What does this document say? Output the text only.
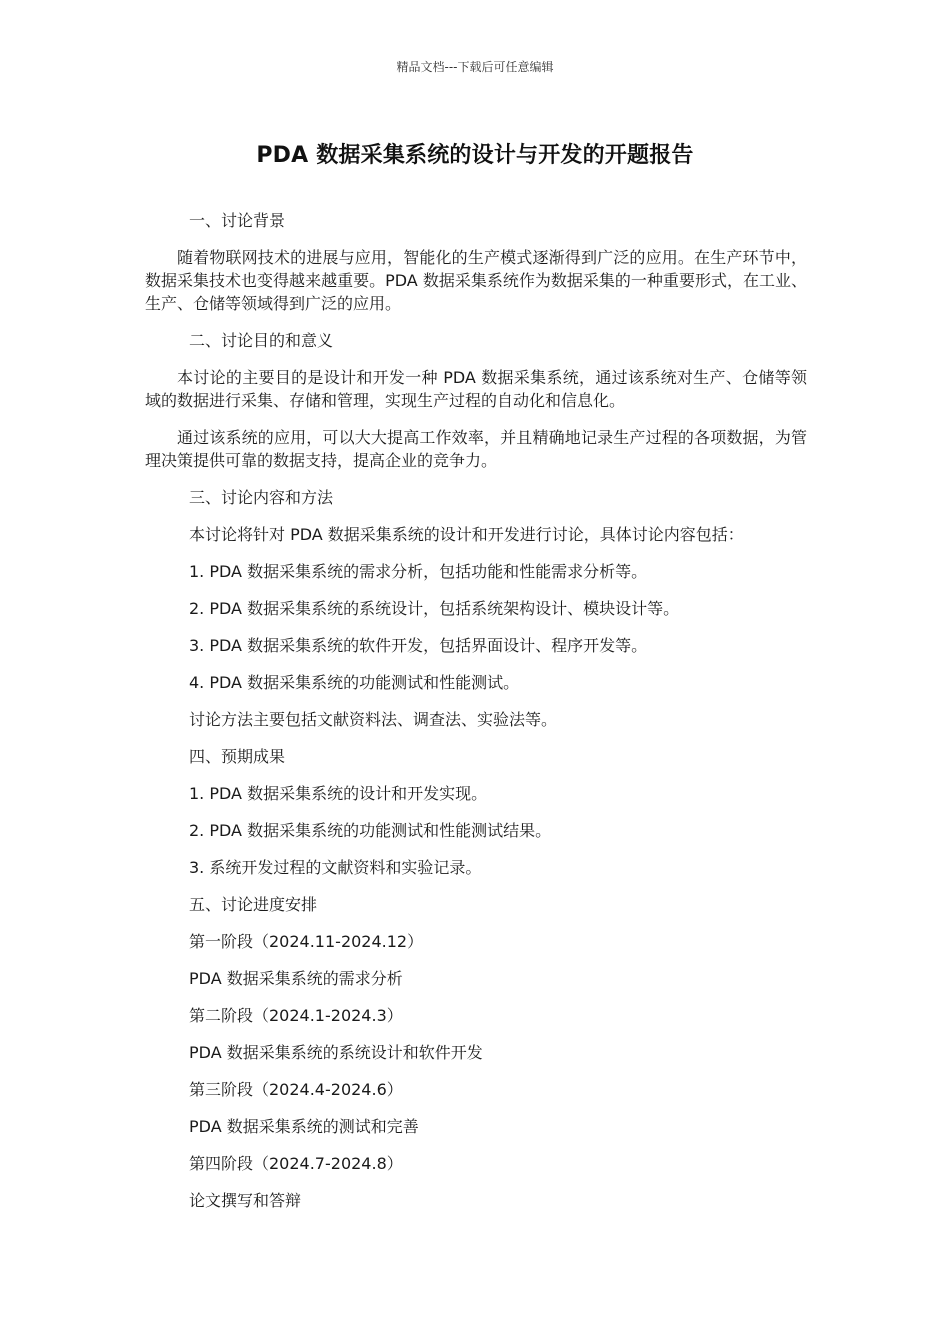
精品文档---下载后可任意编辑
PDA 数据采集系统的设计与开发的开题报告

一、讨论背景

随着物联网技术的进展与应用，智能化的生产模式逐渐得到广泛的应用。在生产环节中，数据采集技术也变得越来越重要。PDA 数据采集系统作为数据采集的一种重要形式，在工业、生产、仓储等领域得到广泛的应用。

二、讨论目的和意义

本讨论的主要目的是设计和开发一种 PDA 数据采集系统，通过该系统对生产、仓储等领域的数据进行采集、存储和管理，实现生产过程的自动化和信息化。

通过该系统的应用，可以大大提高工作效率，并且精确地记录生产过程的各项数据，为管理决策提供可靠的数据支持，提高企业的竞争力。

三、讨论内容和方法

本讨论将针对 PDA 数据采集系统的设计和开发进行讨论，具体讨论内容包括：

1. PDA 数据采集系统的需求分析，包括功能和性能需求分析等。

2. PDA 数据采集系统的系统设计，包括系统架构设计、模块设计等。

3. PDA 数据采集系统的软件开发，包括界面设计、程序开发等。

4. PDA 数据采集系统的功能测试和性能测试。

讨论方法主要包括文献资料法、调查法、实验法等。

四、预期成果

1. PDA 数据采集系统的设计和开发实现。

2. PDA 数据采集系统的功能测试和性能测试结果。

3. 系统开发过程的文献资料和实验记录。

五、讨论进度安排

第一阶段（2024.11-2024.12）

PDA 数据采集系统的需求分析

第二阶段（2024.1-2024.3）

PDA 数据采集系统的系统设计和软件开发

第三阶段（2024.4-2024.6）

PDA 数据采集系统的测试和完善

第四阶段（2024.7-2024.8）

论文撰写和答辩
